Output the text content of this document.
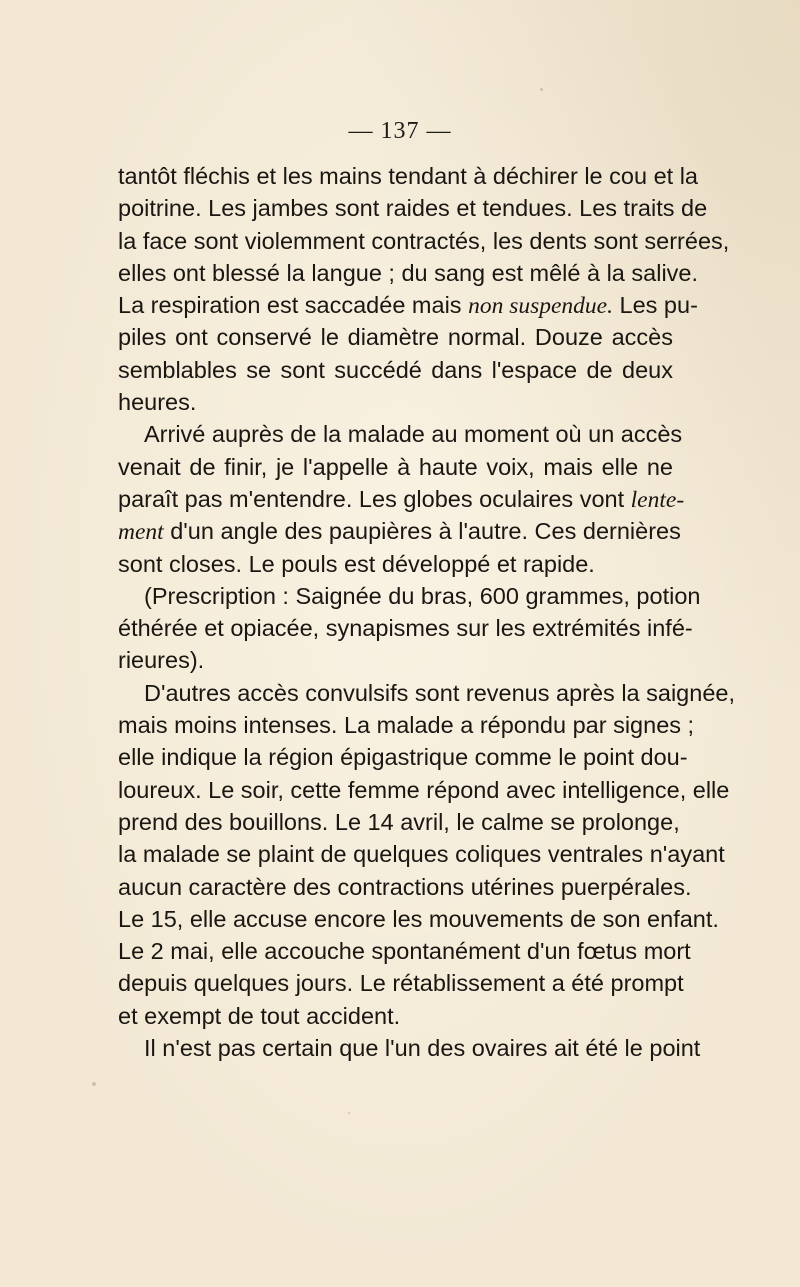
— 137 —
tantôt fléchis et les mains tendant à déchirer le cou et la
poitrine. Les jambes sont raides et tendues. Les traits de
la face sont violemment contractés, les dents sont serrées,
elles ont blessé la langue ; du sang est mêlé à la salive.
La respiration est saccadée mais non suspendue. Les pu-
piles ont conservé le diamètre normal. Douze accès
semblables se sont succédé dans l'espace de deux
heures.
Arrivé auprès de la malade au moment où un accès
venait de finir, je l'appelle à haute voix, mais elle ne
paraît pas m'entendre. Les globes oculaires vont lente-
ment d'un angle des paupières à l'autre. Ces dernières
sont closes. Le pouls est développé et rapide.
(Prescription : Saignée du bras, 600 grammes, potion
éthérée et opiacée, synapismes sur les extrémités infé-
rieures).
D'autres accès convulsifs sont revenus après la saignée,
mais moins intenses. La malade a répondu par signes ;
elle indique la région épigastrique comme le point dou-
loureux. Le soir, cette femme répond avec intelligence, elle
prend des bouillons. Le 14 avril, le calme se prolonge,
la malade se plaint de quelques coliques ventrales n'ayant
aucun caractère des contractions utérines puerpérales.
Le 15, elle accuse encore les mouvements de son enfant.
Le 2 mai, elle accouche spontanément d'un fœtus mort
depuis quelques jours. Le rétablissement a été prompt
et exempt de tout accident.
Il n'est pas certain que l'un des ovaires ait été le point
